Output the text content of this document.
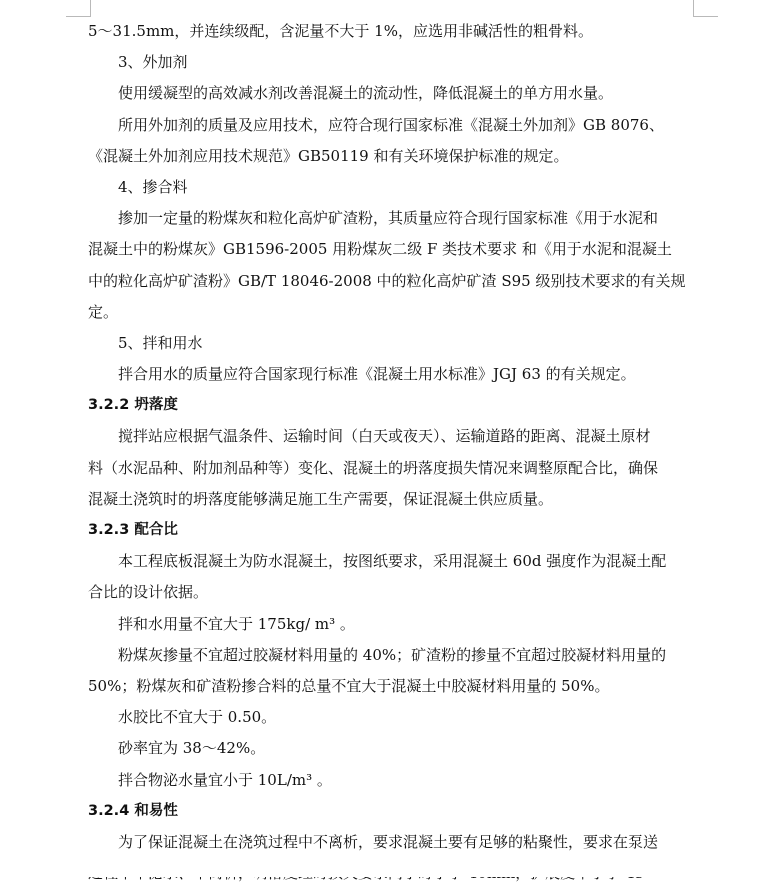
5～31.5mm，并连续级配，含泥量不大于 1%，应选用非碱活性的粗骨料。
3、外加剂
使用缓凝型的高效减水剂改善混凝土的流动性，降低混凝土的单方用水量。
所用外加剂的质量及应用技术，应符合现行国家标准《混凝土外加剂》GB 8076、
《混凝土外加剂应用技术规范》GB50119 和有关环境保护标准的规定。
4、掺合料
掺加一定量的粉煤灰和粒化高炉矿渣粉，其质量应符合现行国家标准《用于水泥和
混凝土中的粉煤灰》GB1596-2005 用粉煤灰二级 F 类技术要求 和《用于水泥和混凝土
中的粒化高炉矿渣粉》GB/T 18046-2008 中的粒化高炉矿渣 S95 级别技术要求的有关规
定。
5、拌和用水
拌合用水的质量应符合国家现行标准《混凝土用水标准》JGJ 63 的有关规定。
3.2.2 坍落度
搅拌站应根据气温条件、运输时间（白天或夜天）、运输道路的距离、混凝土原材
料（水泥品种、附加剂品种等）变化、混凝土的坍落度损失情况来调整原配合比，确保
混凝土浇筑时的坍落度能够满足施工生产需要，保证混凝土供应质量。
3.2.3 配合比
本工程底板混凝土为防水混凝土，按图纸要求，采用混凝土 60d 强度作为混凝土配
合比的设计依据。
拌和水用量不宜大于 175kg/ m³ 。
粉煤灰掺量不宜超过胶凝材料用量的 40%；矿渣粉的掺量不宜超过胶凝材料用量的
50%；粉煤灰和矿渣粉掺合料的总量不宜大于混凝土中胶凝材料用量的 50%。
水胶比不宜大于 0.50。
砂率宜为 38～42%。
拌合物泌水量宜小于 10L/m³ 。
3.2.4 和易性
为了保证混凝土在浇筑过程中不离析，要求混凝土要有足够的粘聚性，要求在泵送
